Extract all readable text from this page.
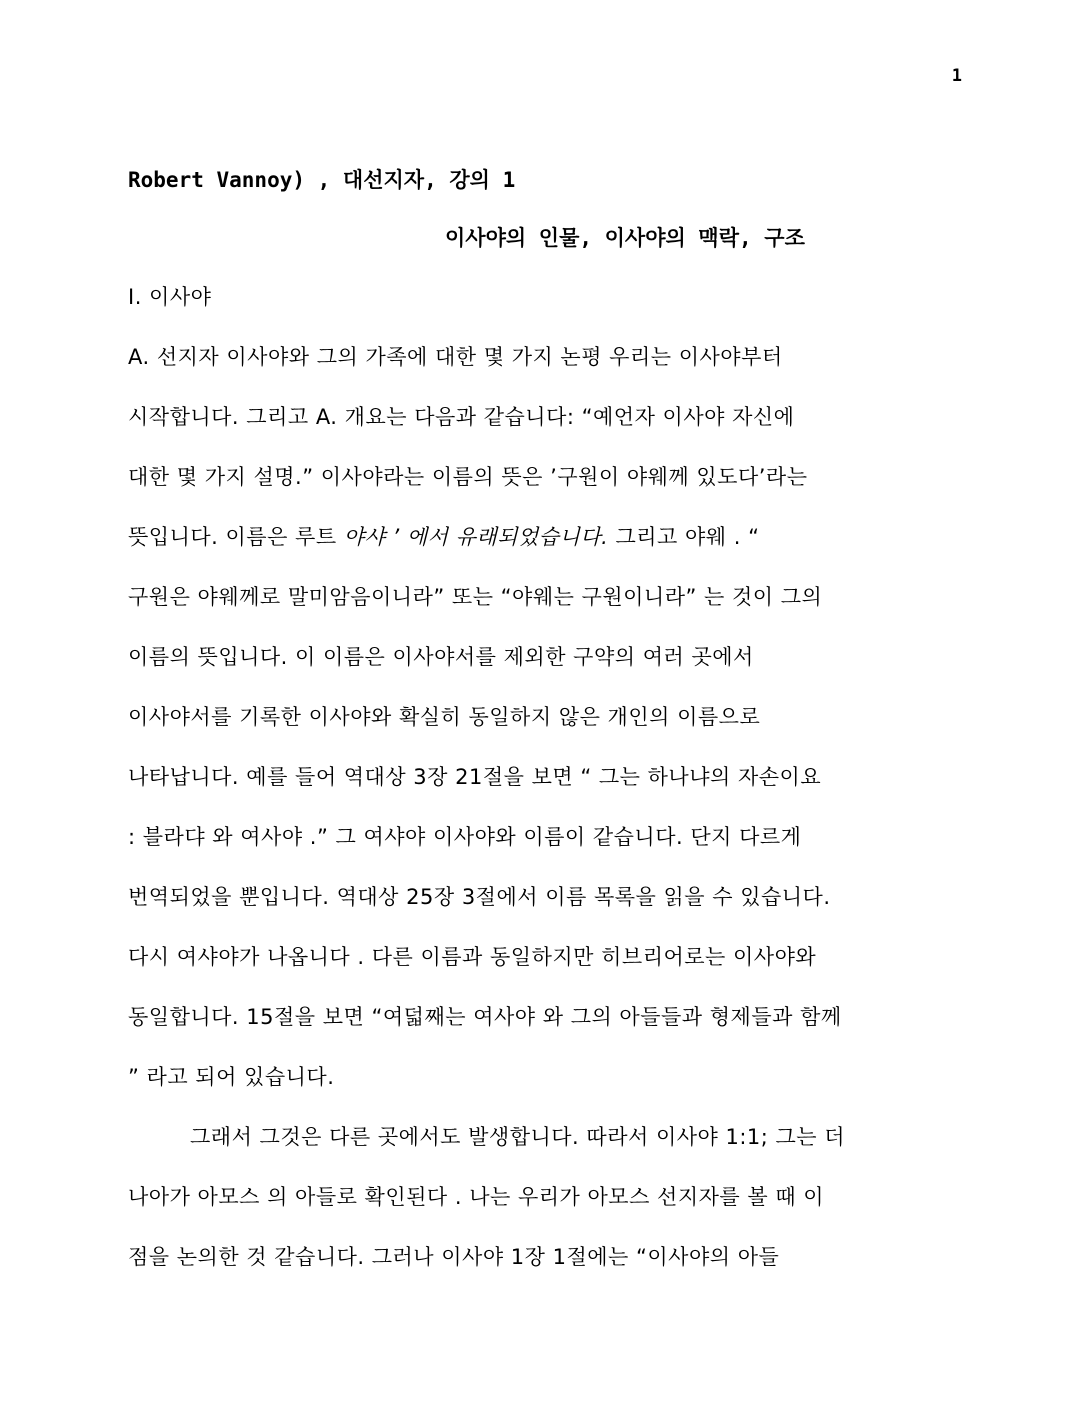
1
Robert Vannoy) , 대선지자, 강의 1
이사야의 인물, 이사야의 맥락, 구조
I. 이사야
A. 선지자 이사야와 그의 가족에 대한 몇 가지 논평 우리는 이사야부터
시작합니다. 그리고 A. 개요는 다음과 같습니다: “예언자 이사야 자신에
대한 몇 가지 설명.” 이사야라는 이름의 뜻은 ’구원이 야웨께 있도다’라는
뜻입니다. 이름은 루트 야샤 ’ 에서 유래되었습니다. 그리고 야웨 . “
구원은 야웨께로 말미암음이니라” 또는 “야웨는 구원이니라” 는 것이 그의
이름의 뜻입니다. 이 이름은 이사야서를 제외한 구약의 여러 곳에서
이사야서를 기록한 이사야와 확실히 동일하지 않은 개인의 이름으로
나타납니다. 예를 들어 역대상 3장 21절을 보면 “ 그는 하나냐의 자손이요
: 블라댜 와 여사야 .” 그 여샤야 이사야와 이름이 같습니다. 단지 다르게
번역되었을 뿐입니다. 역대상 25장 3절에서 이름 목록을 읽을 수 있습니다.
다시 여샤야가 나옵니다 . 다른 이름과 동일하지만 히브리어로는 이사야와
동일합니다. 15절을 보면 “여덟째는 여사야 와 그의 아들들과 형제들과 함께
” 라고 되어 있습니다.
그래서 그것은 다른 곳에서도 발생합니다. 따라서 이사야 1:1; 그는 더
나아가 아모스 의 아들로 확인된다 . 나는 우리가 아모스 선지자를 볼 때 이
점을 논의한 것 같습니다. 그러나 이사야 1장 1절에는 “이사야의 아들
